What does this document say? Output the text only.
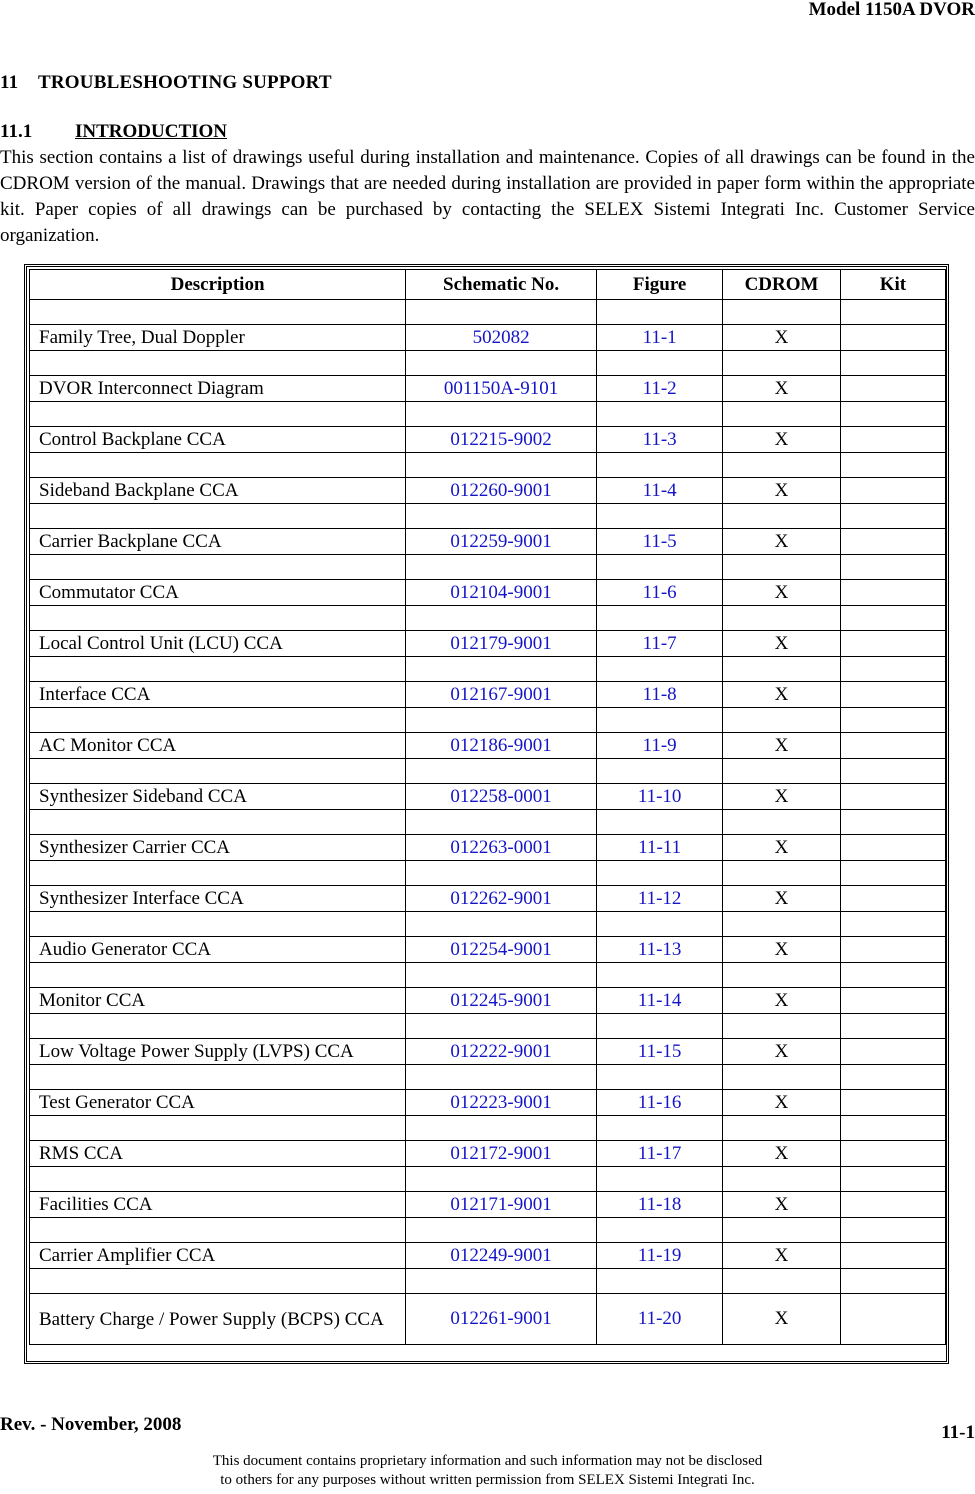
Model 1150A DVOR
11 TROUBLESHOOTING SUPPORT
11.1 INTRODUCTION
This section contains a list of drawings useful during installation and maintenance. Copies of all drawings can be found in the CDROM version of the manual. Drawings that are needed during installation are provided in paper form within the appropriate kit. Paper copies of all drawings can be purchased by contacting the SELEX Sistemi Integrati Inc. Customer Service organization.
Description	Schematic No.	Figure	CDROM	Kit

Family Tree, Dual Doppler	502082	11-1	X	

DVOR Interconnect Diagram	001150A-9101	11-2	X	

Control Backplane CCA	012215-9002	11-3	X	

Sideband Backplane CCA	012260-9001	11-4	X	

Carrier Backplane CCA	012259-9001	11-5	X	

Commutator CCA	012104-9001	11-6	X	

Local Control Unit (LCU) CCA	012179-9001	11-7	X	

Interface CCA	012167-9001	11-8	X	

AC Monitor CCA	012186-9001	11-9	X	

Synthesizer Sideband CCA	012258-0001	11-10	X	

Synthesizer Carrier CCA	012263-0001	11-11	X	

Synthesizer Interface CCA	012262-9001	11-12	X	

Audio Generator CCA	012254-9001	11-13	X	

Monitor CCA	012245-9001	11-14	X	

Low Voltage Power Supply (LVPS) CCA	012222-9001	11-15	X	

Test Generator CCA	012223-9001	11-16	X	

RMS CCA	012172-9001	11-17	X	

Facilities CCA	012171-9001	11-18	X	

Carrier Amplifier CCA	012249-9001	11-19	X	

Battery Charge / Power Supply (BCPS) CCA	012261-9001	11-20	X	
Rev. - November, 2008	11-1
This document contains proprietary information and such information may not be disclosed
to others for any purposes without written permission from SELEX Sistemi Integrati Inc.
